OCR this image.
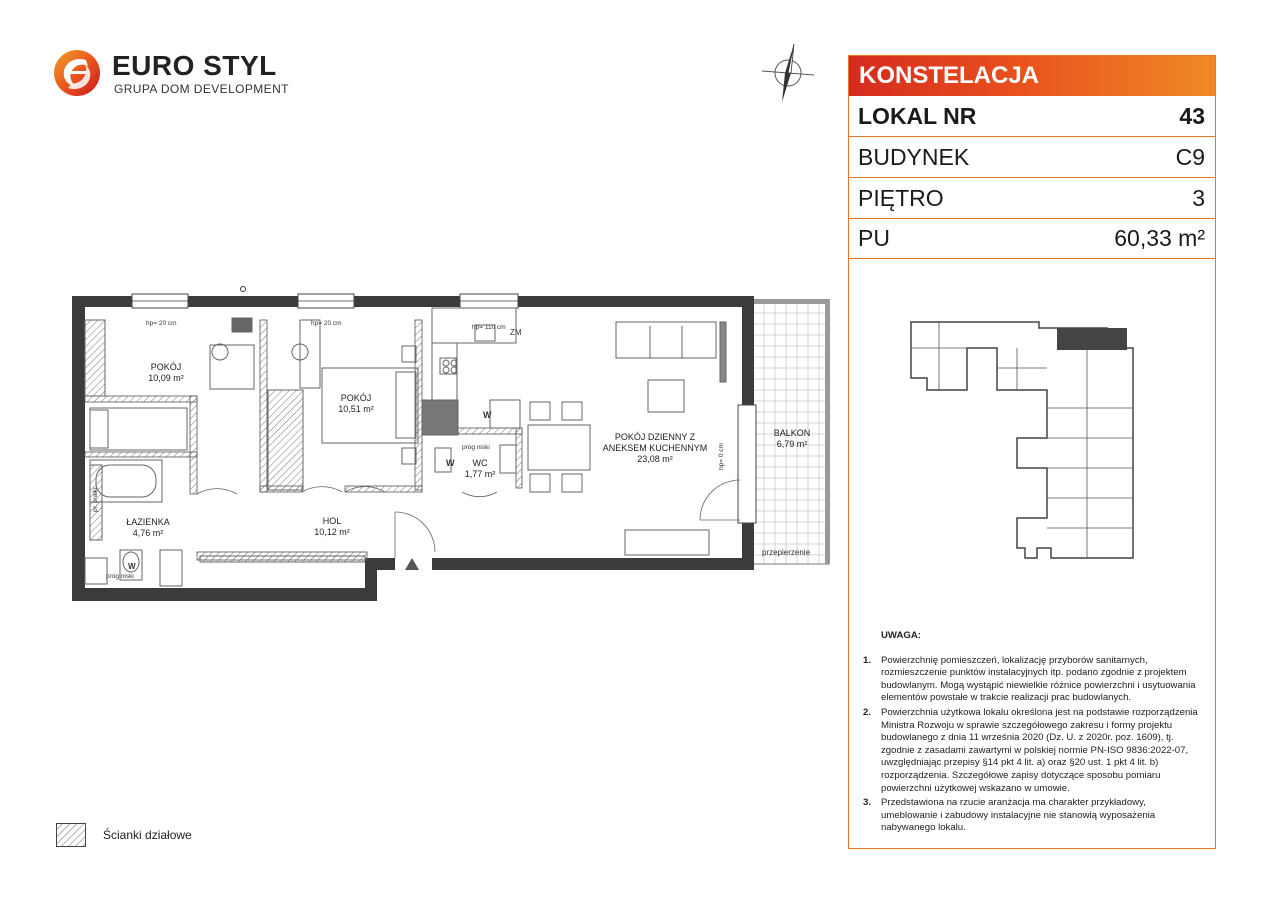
EURO STYL
GRUPA DOM DEVELOPMENT
POKÓJ
10,09 m²
POKÓJ
10,51 m²
POKÓJ DZIENNY Z
ANEKSEM KUCHENNYM
23,08 m²
BALKON
6,79 m²
ŁAZIENKA
4,76 m²
HOL
10,12 m²
WC
1,77 m²
hp= 20 cm	hp= 20 cm
hp= 110 cm
ZM
hp= 0 cm
próg niski
próg niski
przepierzenie
W
W
W
pr. pralki
Ścianki działowe
KONSTELACJA
LOKAL NR	43
BUDYNEK	C9
PIĘTRO	3
PU	60,33 m²
UWAGA:
1. Powierzchnię pomieszczeń, lokalizację przyborów sanitarnych, rozmieszczenie punktów instalacyjnych itp. podano zgodnie z projektem budowlanym. Mogą wystąpić niewielkie różnice powierzchni i usytuowania elementów powstałe w trakcie realizacji prac budowlanych.
2. Powierzchnia użytkowa lokalu określona jest na podstawie rozporządzenia Ministra Rozwoju w sprawie szczegółowego zakresu i formy projektu budowlanego z dnia 11 września 2020 (Dz. U. z 2020r. poz. 1609), tj. zgodnie z zasadami zawartymi w polskiej normie PN-ISO 9836:2022-07, uwzględniając przepisy §14 pkt 4 lit. a) oraz §20 ust. 1 pkt 4 lit. b) rozporządzenia. Szczegółowe zapisy dotyczące sposobu pomiaru powierzchni użytkowej wskazano w umowie.
3. Przedstawiona na rzucie aranżacja ma charakter przykładowy, umeblowanie i zabudowy instalacyjne nie stanowią wyposażenia nabywanego lokalu.
